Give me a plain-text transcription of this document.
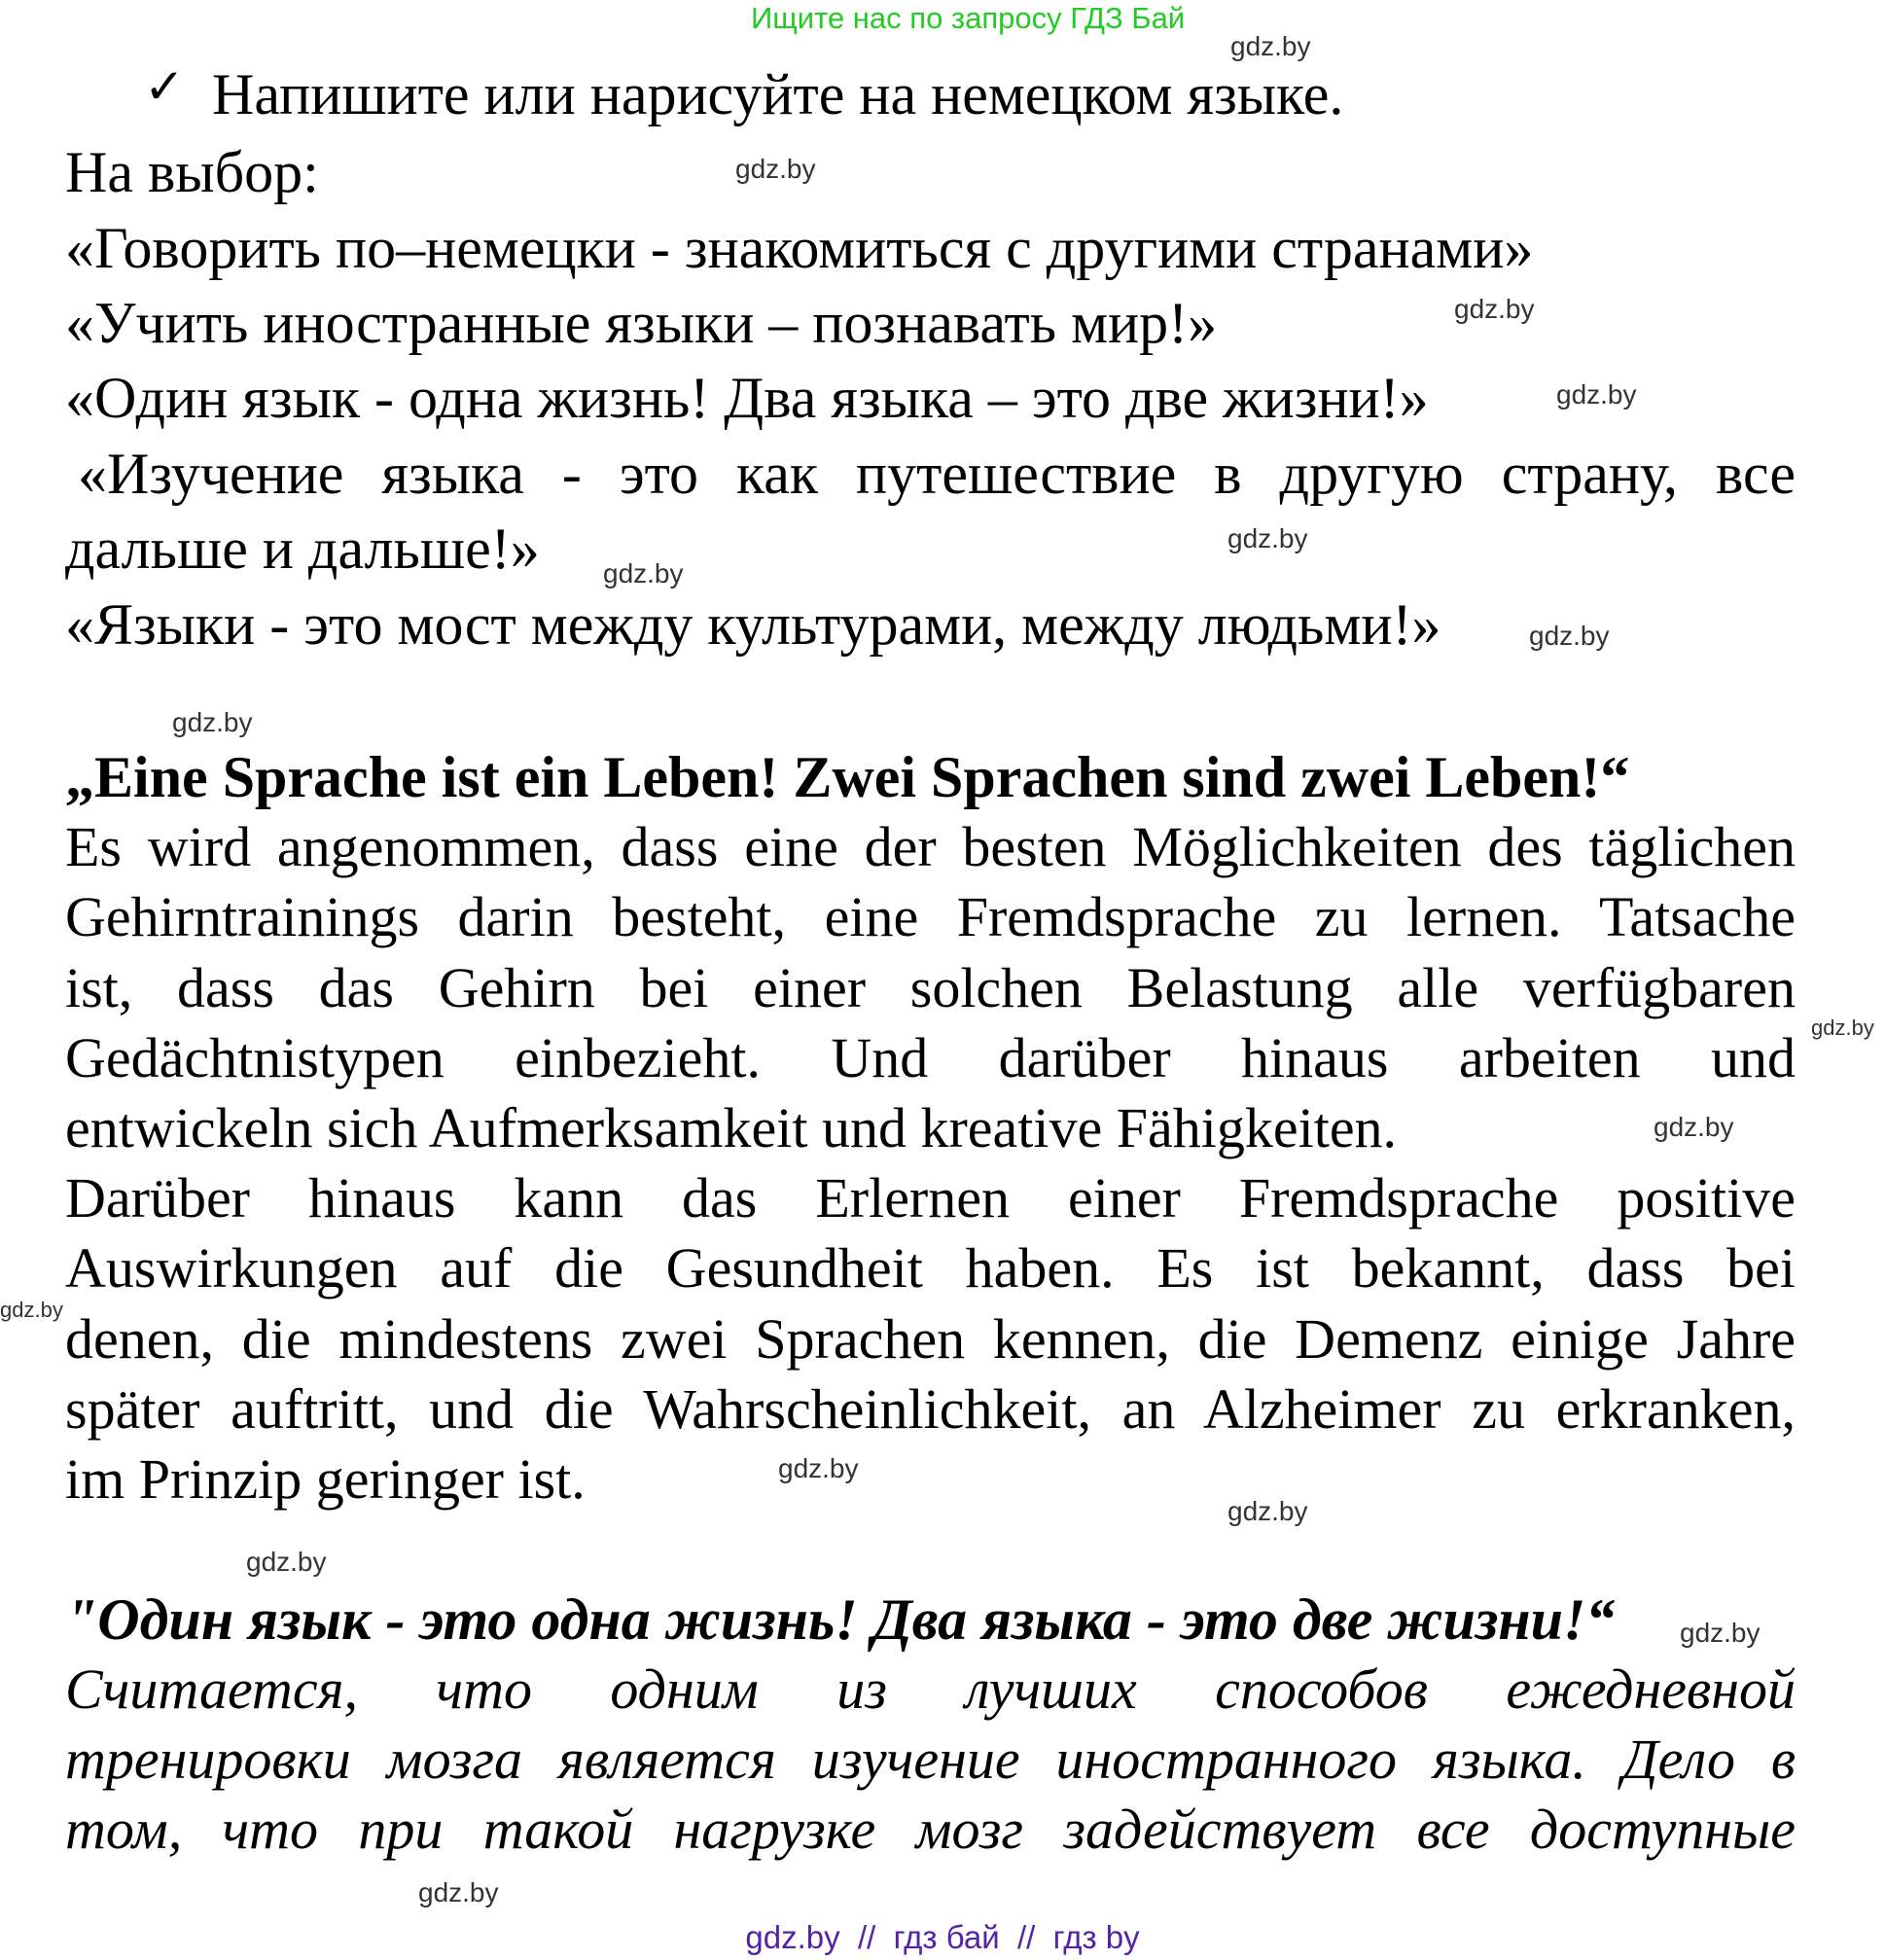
Ищите нас по запросу ГДЗ Бай
✓ Напишите или нарисуйте на немецком языке.
На выбор:
«Говорить по–немецки - знакомиться с другими странами»
«Учить иностранные языки – познавать мир!»
«Один язык - одна жизнь! Два языка – это две жизни!»
«Изучение языка - это как путешествие в другую страну, все
дальше и дальше!»
«Языки - это мост между культурами, между людьми!»
„Eine Sprache ist ein Leben! Zwei Sprachen sind zwei Leben!“
Es wird angenommen, dass eine der besten Möglichkeiten des täglichen
Gehirntrainings darin besteht, eine Fremdsprache zu lernen. Tatsache
ist, dass das Gehirn bei einer solchen Belastung alle verfügbaren
Gedächtnistypen einbezieht. Und darüber hinaus arbeiten und
entwickeln sich Aufmerksamkeit und kreative Fähigkeiten.
Darüber hinaus kann das Erlernen einer Fremdsprache positive
Auswirkungen auf die Gesundheit haben. Es ist bekannt, dass bei
denen, die mindestens zwei Sprachen kennen, die Demenz einige Jahre
später auftritt, und die Wahrscheinlichkeit, an Alzheimer zu erkranken,
im Prinzip geringer ist.
"Один язык - это одна жизнь! Два языка - это две жизни!“
Считается, что одним из лучших способов ежедневной
тренировки мозга является изучение иностранного языка. Дело в
том, что при такой нагрузке мозг задействует все доступные
gdz.by
gdz.by
gdz.by
gdz.by
gdz.by
gdz.by
gdz.by
gdz.by
gdz.by
gdz.by
gdz.by
gdz.by
gdz.by
gdz.by
gdz.by
gdz.by
gdz.by  //  гдз бай  //  гдз by
